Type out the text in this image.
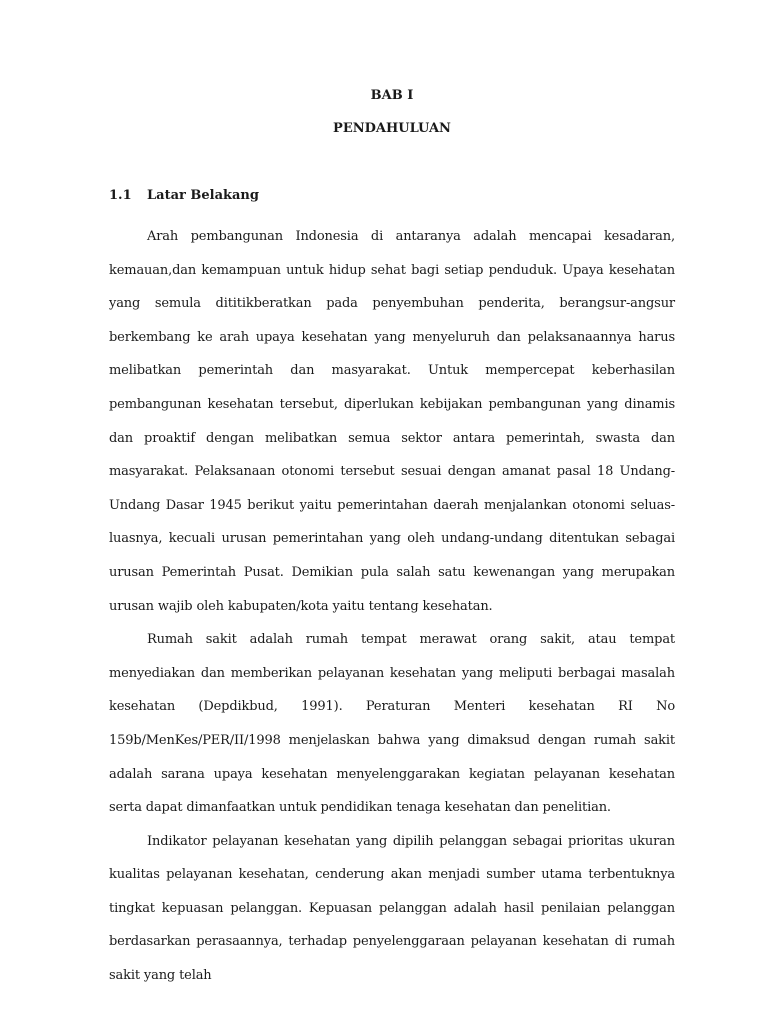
BAB I
PENDAHULUAN
1.1 Latar Belakang

Arah pembangunan Indonesia di antaranya adalah mencapai kesadaran, kemauan,dan kemampuan untuk hidup sehat bagi setiap penduduk. Upaya kesehatan yang semula dititikberatkan pada penyembuhan penderita, berangsur-angsur berkembang ke arah upaya kesehatan yang menyeluruh dan pelaksanaannya harus melibatkan pemerintah dan masyarakat. Untuk mempercepat keberhasilan pembangunan kesehatan tersebut, diperlukan kebijakan pembangunan yang dinamis dan proaktif dengan melibatkan semua sektor antara pemerintah, swasta dan masyarakat. Pelaksanaan otonomi tersebut sesuai dengan amanat pasal 18 Undang-Undang Dasar 1945 berikut yaitu pemerintahan daerah menjalankan otonomi seluas-luasnya, kecuali urusan pemerintahan yang oleh undang-undang ditentukan sebagai urusan Pemerintah Pusat. Demikian pula salah satu kewenangan yang merupakan urusan wajib oleh kabupaten/kota yaitu tentang kesehatan.

Rumah sakit adalah rumah tempat merawat orang sakit, atau tempat menyediakan dan memberikan pelayanan kesehatan yang meliputi berbagai masalah kesehatan (Depdikbud, 1991). Peraturan Menteri kesehatan RI No 159b/MenKes/PER/II/1998 menjelaskan bahwa yang dimaksud dengan rumah sakit adalah sarana upaya kesehatan menyelenggarakan kegiatan pelayanan kesehatan serta dapat dimanfaatkan untuk pendidikan tenaga kesehatan dan penelitian.

Indikator pelayanan kesehatan yang dipilih pelanggan sebagai prioritas ukuran kualitas pelayanan kesehatan, cenderung akan menjadi sumber utama terbentuknya tingkat kepuasan pelanggan. Kepuasan pelanggan adalah hasil penilaian pelanggan berdasarkan perasaannya, terhadap penyelenggaraan pelayanan kesehatan di rumah sakit yang telah
